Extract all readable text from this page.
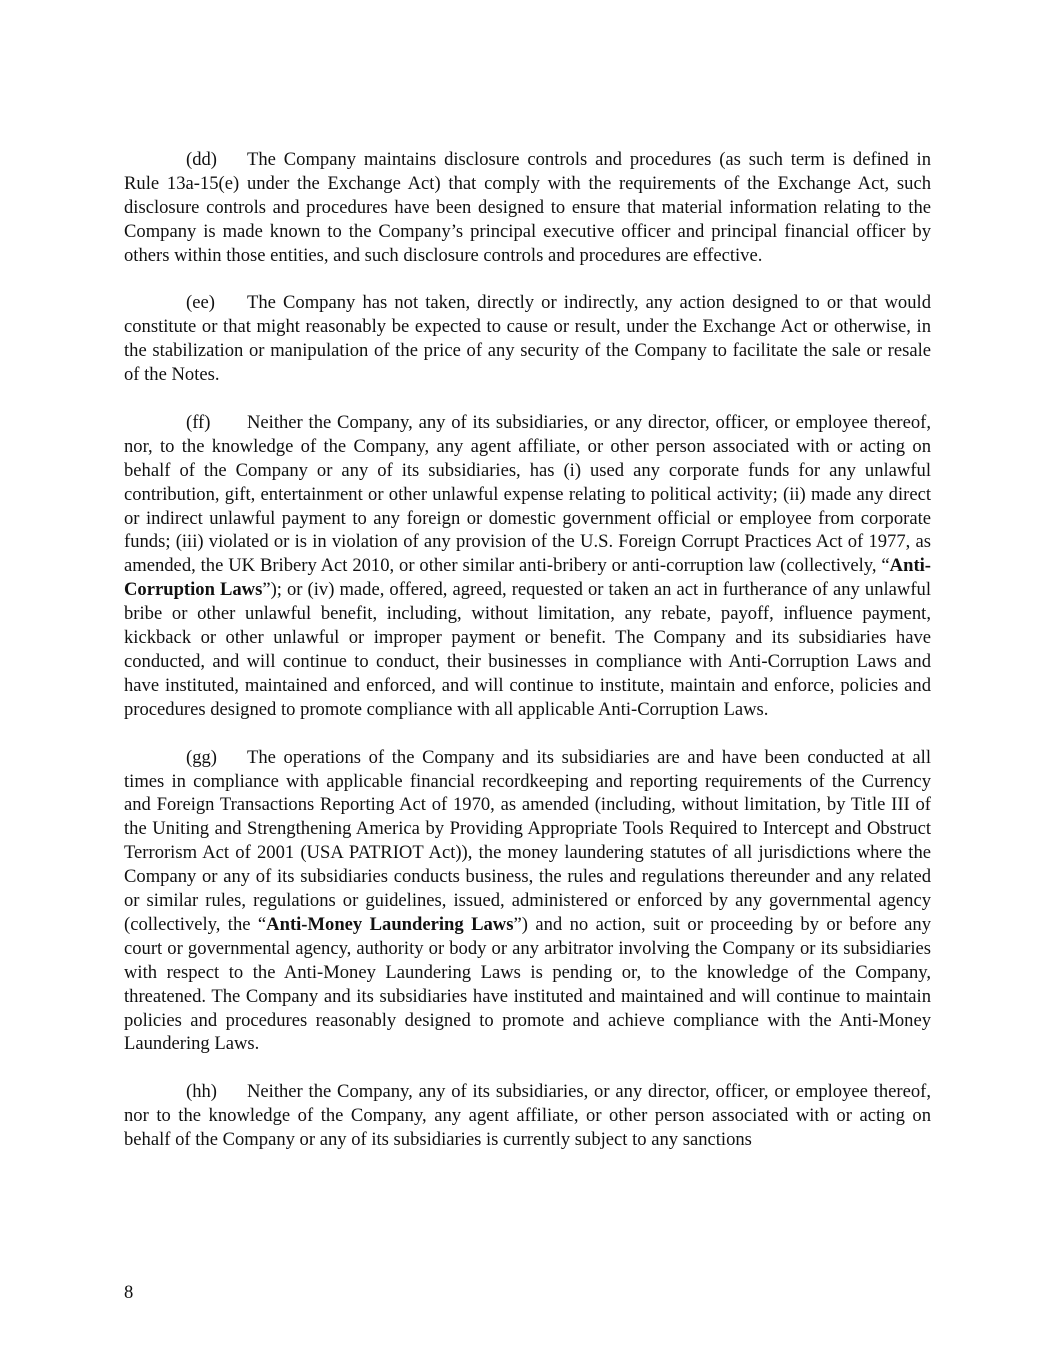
(dd) The Company maintains disclosure controls and procedures (as such term is defined in Rule 13a-15(e) under the Exchange Act) that comply with the requirements of the Exchange Act, such disclosure controls and procedures have been designed to ensure that material information relating to the Company is made known to the Company’s principal executive officer and principal financial officer by others within those entities, and such disclosure controls and procedures are effective.

(ee) The Company has not taken, directly or indirectly, any action designed to or that would constitute or that might reasonably be expected to cause or result, under the Exchange Act or otherwise, in the stabilization or manipulation of the price of any security of the Company to facilitate the sale or resale of the Notes.

(ff) Neither the Company, any of its subsidiaries, or any director, officer, or employee thereof, nor, to the knowledge of the Company, any agent affiliate, or other person associated with or acting on behalf of the Company or any of its subsidiaries, has (i) used any corporate funds for any unlawful contribution, gift, entertainment or other unlawful expense relating to political activity; (ii) made any direct or indirect unlawful payment to any foreign or domestic government official or employee from corporate funds; (iii) violated or is in violation of any provision of the U.S. Foreign Corrupt Practices Act of 1977, as amended, the UK Bribery Act 2010, or other similar anti-bribery or anti-corruption law (collectively, “Anti-Corruption Laws”); or (iv) made, offered, agreed, requested or taken an act in furtherance of any unlawful bribe or other unlawful benefit, including, without limitation, any rebate, payoff, influence payment, kickback or other unlawful or improper payment or benefit. The Company and its subsidiaries have conducted, and will continue to conduct, their businesses in compliance with Anti-Corruption Laws and have instituted, maintained and enforced, and will continue to institute, maintain and enforce, policies and procedures designed to promote compliance with all applicable Anti-Corruption Laws.

(gg) The operations of the Company and its subsidiaries are and have been conducted at all times in compliance with applicable financial recordkeeping and reporting requirements of the Currency and Foreign Transactions Reporting Act of 1970, as amended (including, without limitation, by Title III of the Uniting and Strengthening America by Providing Appropriate Tools Required to Intercept and Obstruct Terrorism Act of 2001 (USA PATRIOT Act)), the money laundering statutes of all jurisdictions where the Company or any of its subsidiaries conducts business, the rules and regulations thereunder and any related or similar rules, regulations or guidelines, issued, administered or enforced by any governmental agency (collectively, the “Anti-Money Laundering Laws”) and no action, suit or proceeding by or before any court or governmental agency, authority or body or any arbitrator involving the Company or its subsidiaries with respect to the Anti-Money Laundering Laws is pending or, to the knowledge of the Company, threatened. The Company and its subsidiaries have instituted and maintained and will continue to maintain policies and procedures reasonably designed to promote and achieve compliance with the Anti-Money Laundering Laws.

(hh) Neither the Company, any of its subsidiaries, or any director, officer, or employee thereof, nor to the knowledge of the Company, any agent affiliate, or other person associated with or acting on behalf of the Company or any of its subsidiaries is currently subject to any sanctions

8
